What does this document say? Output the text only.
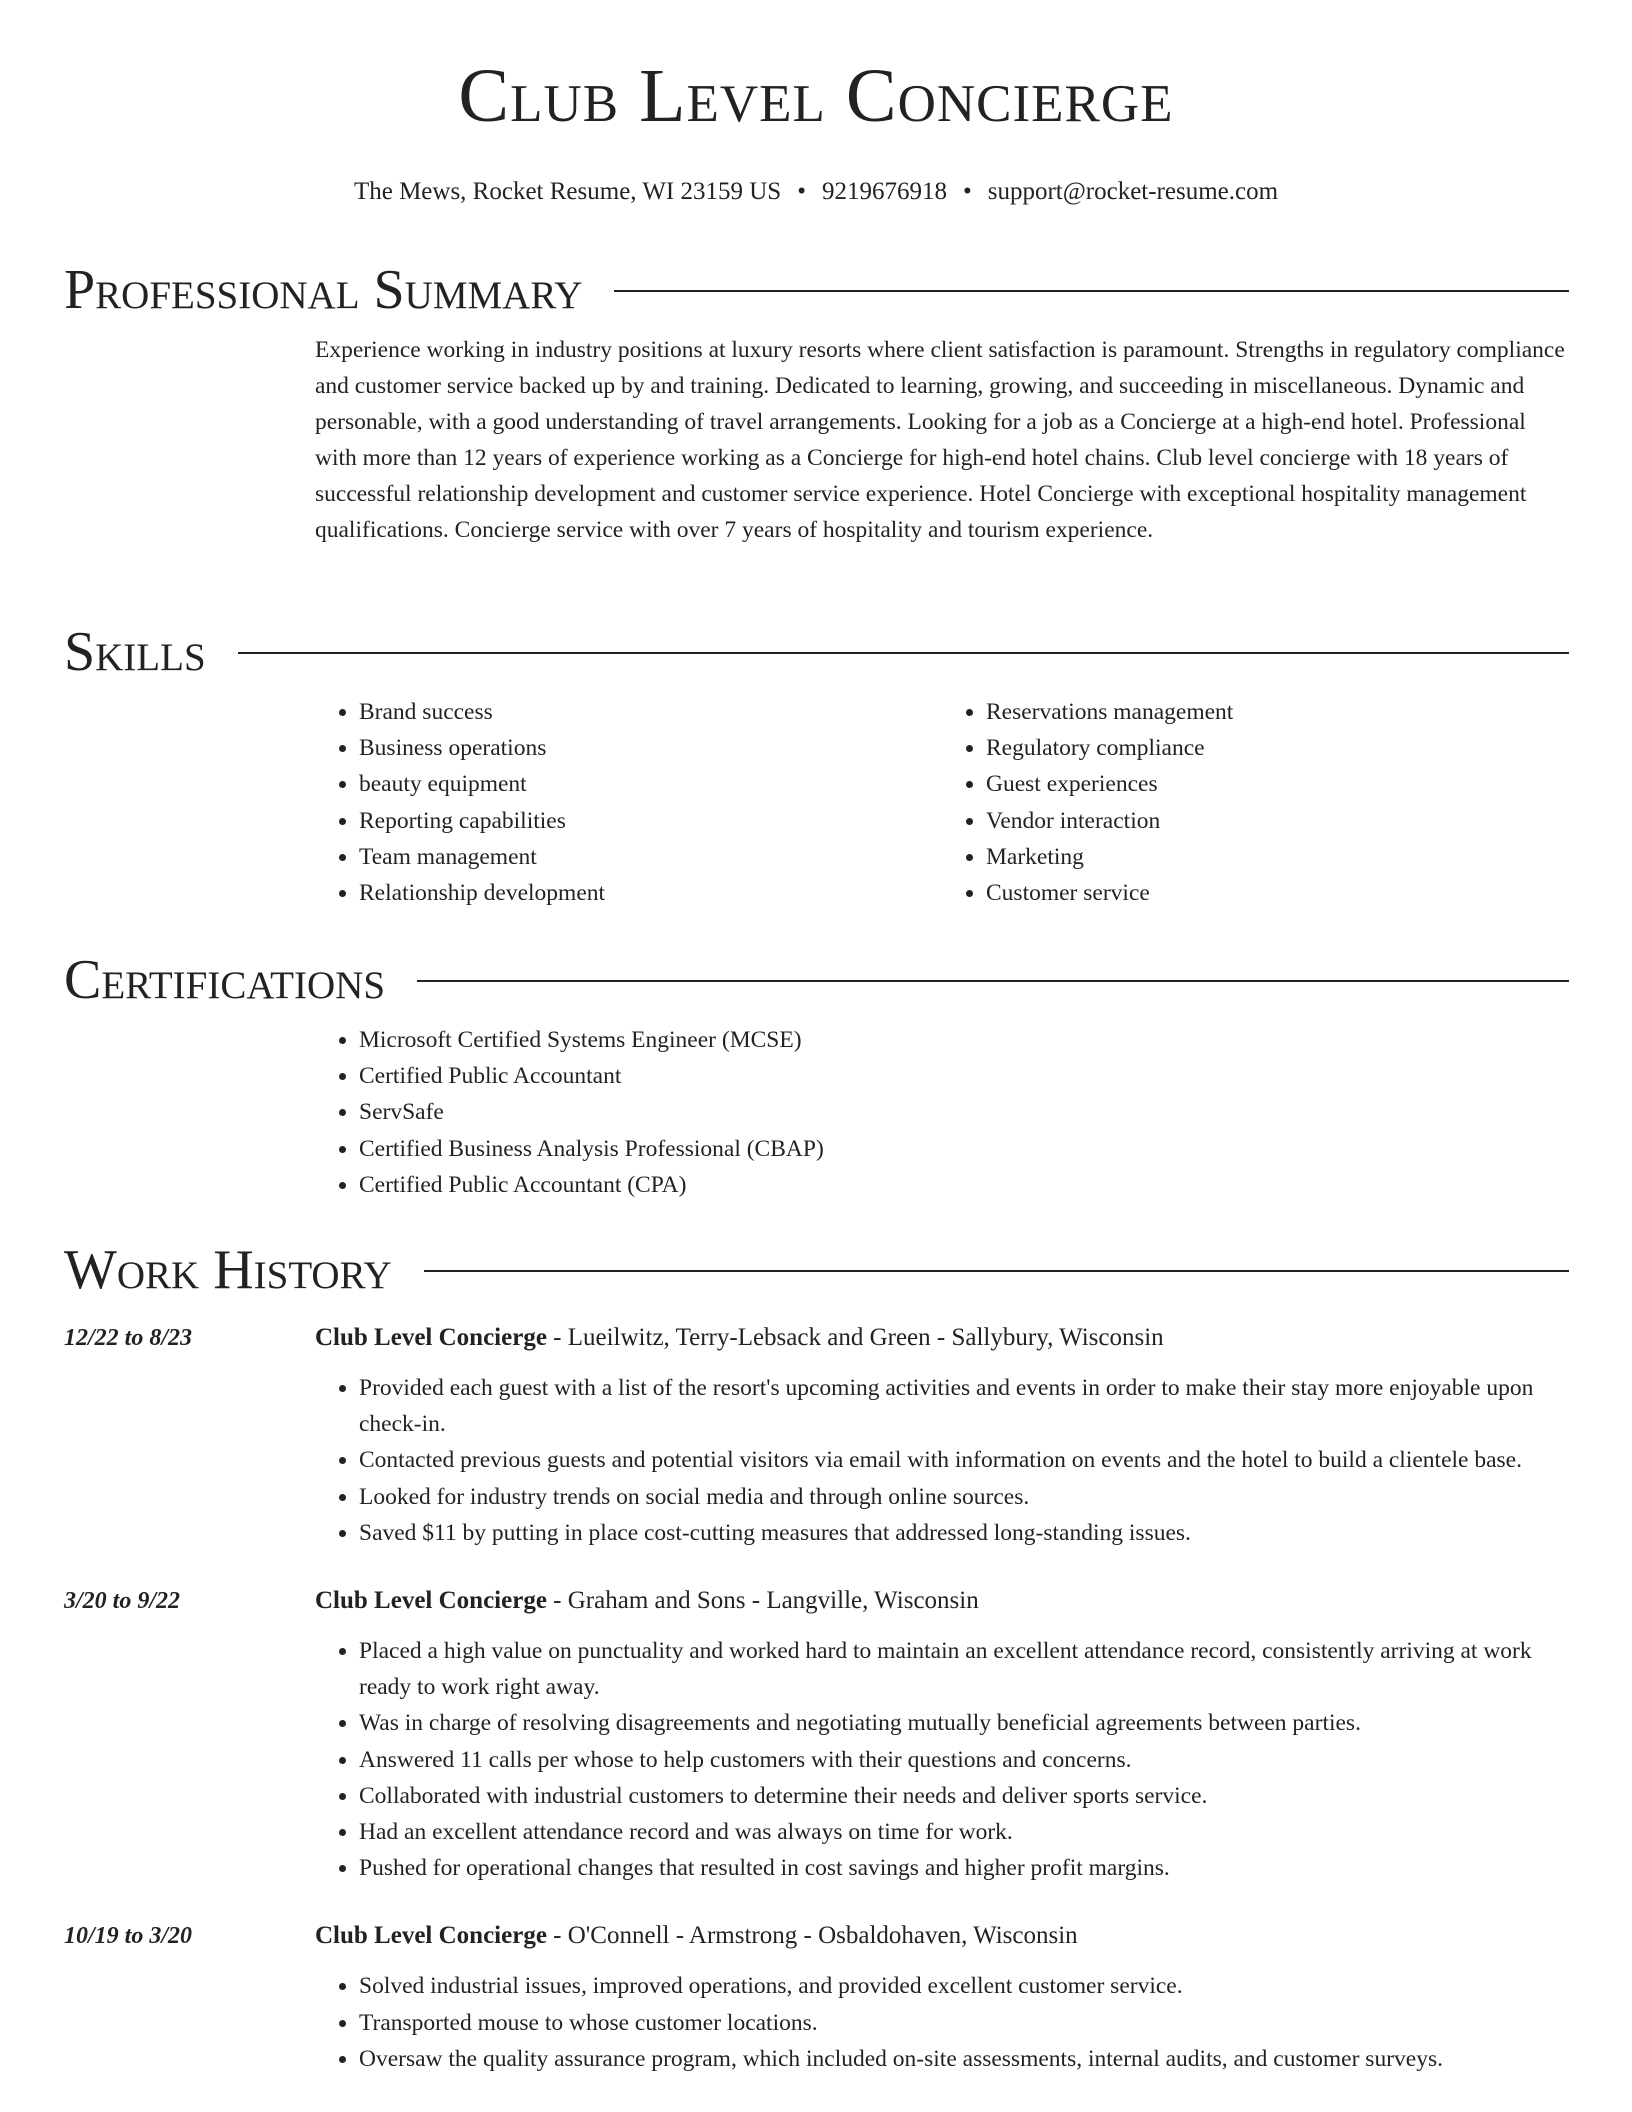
Club Level Concierge
The Mews, Rocket Resume, WI 23159 US • 9219676918 • support@rocket-resume.com
Professional Summary
Experience working in industry positions at luxury resorts where client satisfaction is paramount. Strengths in regulatory compliance and customer service backed up by and training. Dedicated to learning, growing, and succeeding in miscellaneous. Dynamic and personable, with a good understanding of travel arrangements. Looking for a job as a Concierge at a high-end hotel. Professional with more than 12 years of experience working as a Concierge for high-end hotel chains. Club level concierge with 18 years of successful relationship development and customer service experience. Hotel Concierge with exceptional hospitality management qualifications. Concierge service with over 7 years of hospitality and tourism experience.
Skills
• Brand success
• Business operations
• beauty equipment
• Reporting capabilities
• Team management
• Relationship development
• Reservations management
• Regulatory compliance
• Guest experiences
• Vendor interaction
• Marketing
• Customer service
Certifications
• Microsoft Certified Systems Engineer (MCSE)
• Certified Public Accountant
• ServSafe
• Certified Business Analysis Professional (CBAP)
• Certified Public Accountant (CPA)
Work History
12/22 to 8/23	Club Level Concierge - Lueilwitz, Terry-Lebsack and Green - Sallybury, Wisconsin
• Provided each guest with a list of the resort's upcoming activities and events in order to make their stay more enjoyable upon check-in.
• Contacted previous guests and potential visitors via email with information on events and the hotel to build a clientele base.
• Looked for industry trends on social media and through online sources.
• Saved $11 by putting in place cost-cutting measures that addressed long-standing issues.
3/20 to 9/22	Club Level Concierge - Graham and Sons - Langville, Wisconsin
• Placed a high value on punctuality and worked hard to maintain an excellent attendance record, consistently arriving at work ready to work right away.
• Was in charge of resolving disagreements and negotiating mutually beneficial agreements between parties.
• Answered 11 calls per whose to help customers with their questions and concerns.
• Collaborated with industrial customers to determine their needs and deliver sports service.
• Had an excellent attendance record and was always on time for work.
• Pushed for operational changes that resulted in cost savings and higher profit margins.
10/19 to 3/20	Club Level Concierge - O'Connell - Armstrong - Osbaldohaven, Wisconsin
• Solved industrial issues, improved operations, and provided excellent customer service.
• Transported mouse to whose customer locations.
• Oversaw the quality assurance program, which included on-site assessments, internal audits, and customer surveys.
